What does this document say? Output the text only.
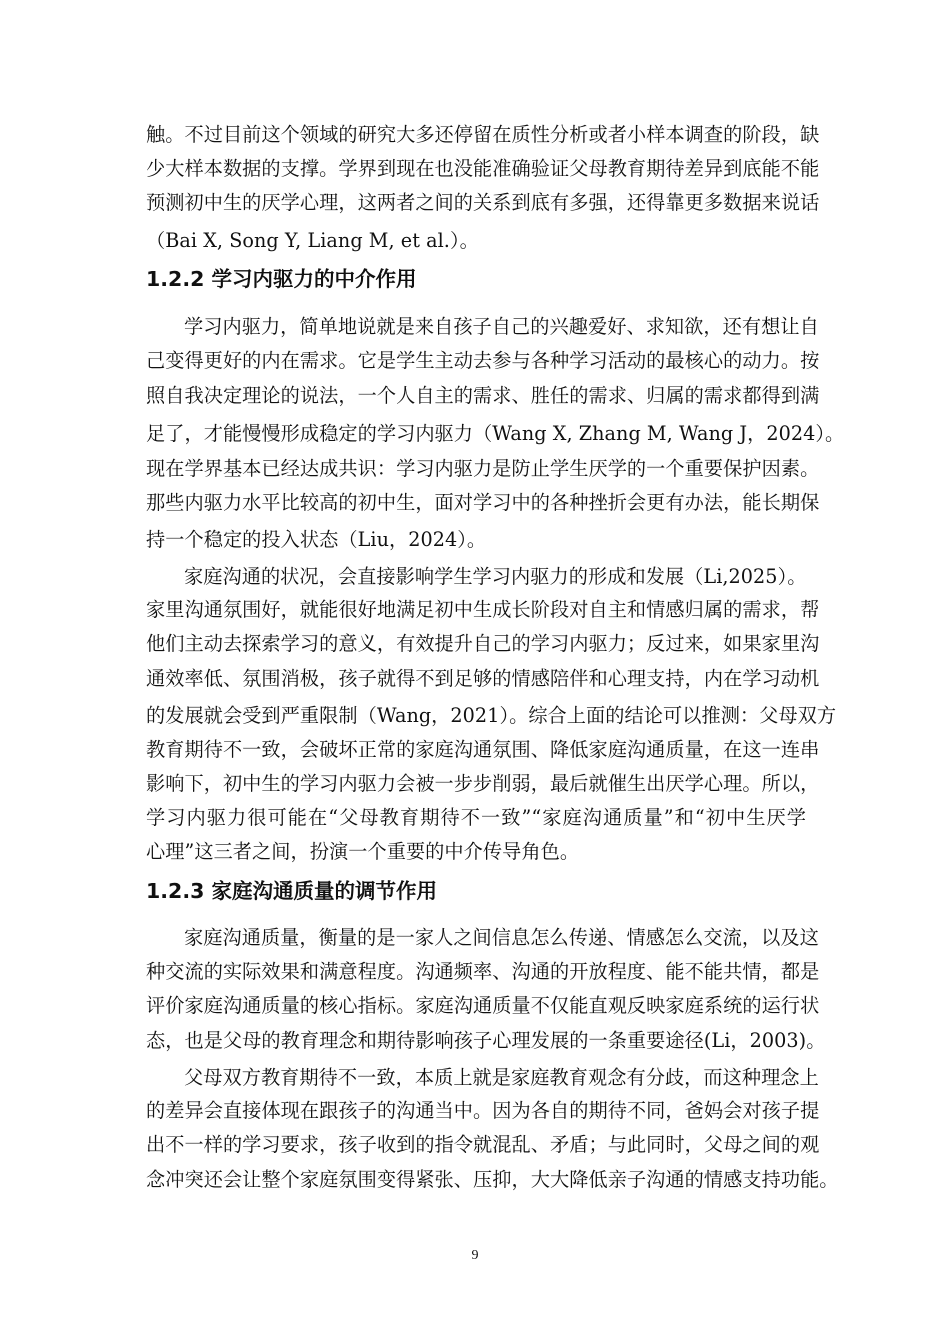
触。不过目前这个领域的研究大多还停留在质性分析或者小样本调查的阶段，缺
少大样本数据的支撑。学界到现在也没能准确验证父母教育期待差异到底能不能
预测初中生的厌学心理，这两者之间的关系到底有多强，还得靠更多数据来说话
（Bai X, Song Y, Liang M, et al.）。
1.2.2 学习内驱力的中介作用
学习内驱力，简单地说就是来自孩子自己的兴趣爱好、求知欲，还有想让自
己变得更好的内在需求。它是学生主动去参与各种学习活动的最核心的动力。按
照自我决定理论的说法，一个人自主的需求、胜任的需求、归属的需求都得到满
足了，才能慢慢形成稳定的学习内驱力（Wang X, Zhang M, Wang J，2024）。
现在学界基本已经达成共识：学习内驱力是防止学生厌学的一个重要保护因素。
那些内驱力水平比较高的初中生，面对学习中的各种挫折会更有办法，能长期保
持一个稳定的投入状态（Liu，2024）。
家庭沟通的状况，会直接影响学生学习内驱力的形成和发展（Li,2025）。
家里沟通氛围好，就能很好地满足初中生成长阶段对自主和情感归属的需求，帮
他们主动去探索学习的意义，有效提升自己的学习内驱力；反过来，如果家里沟
通效率低、氛围消极，孩子就得不到足够的情感陪伴和心理支持，内在学习动机
的发展就会受到严重限制（Wang，2021）。综合上面的结论可以推测：父母双方
教育期待不一致，会破坏正常的家庭沟通氛围、降低家庭沟通质量，在这一连串
影响下，初中生的学习内驱力会被一步步削弱，最后就催生出厌学心理。所以，
学习内驱力很可能在“父母教育期待不一致”“家庭沟通质量”和“初中生厌学
心理”这三者之间，扮演一个重要的中介传导角色。
1.2.3 家庭沟通质量的调节作用
家庭沟通质量，衡量的是一家人之间信息怎么传递、情感怎么交流，以及这
种交流的实际效果和满意程度。沟通频率、沟通的开放程度、能不能共情，都是
评价家庭沟通质量的核心指标。家庭沟通质量不仅能直观反映家庭系统的运行状
态，也是父母的教育理念和期待影响孩子心理发展的一条重要途径(Li，2003)。
父母双方教育期待不一致，本质上就是家庭教育观念有分歧，而这种理念上
的差异会直接体现在跟孩子的沟通当中。因为各自的期待不同，爸妈会对孩子提
出不一样的学习要求，孩子收到的指令就混乱、矛盾；与此同时，父母之间的观
念冲突还会让整个家庭氛围变得紧张、压抑，大大降低亲子沟通的情感支持功能。
9
